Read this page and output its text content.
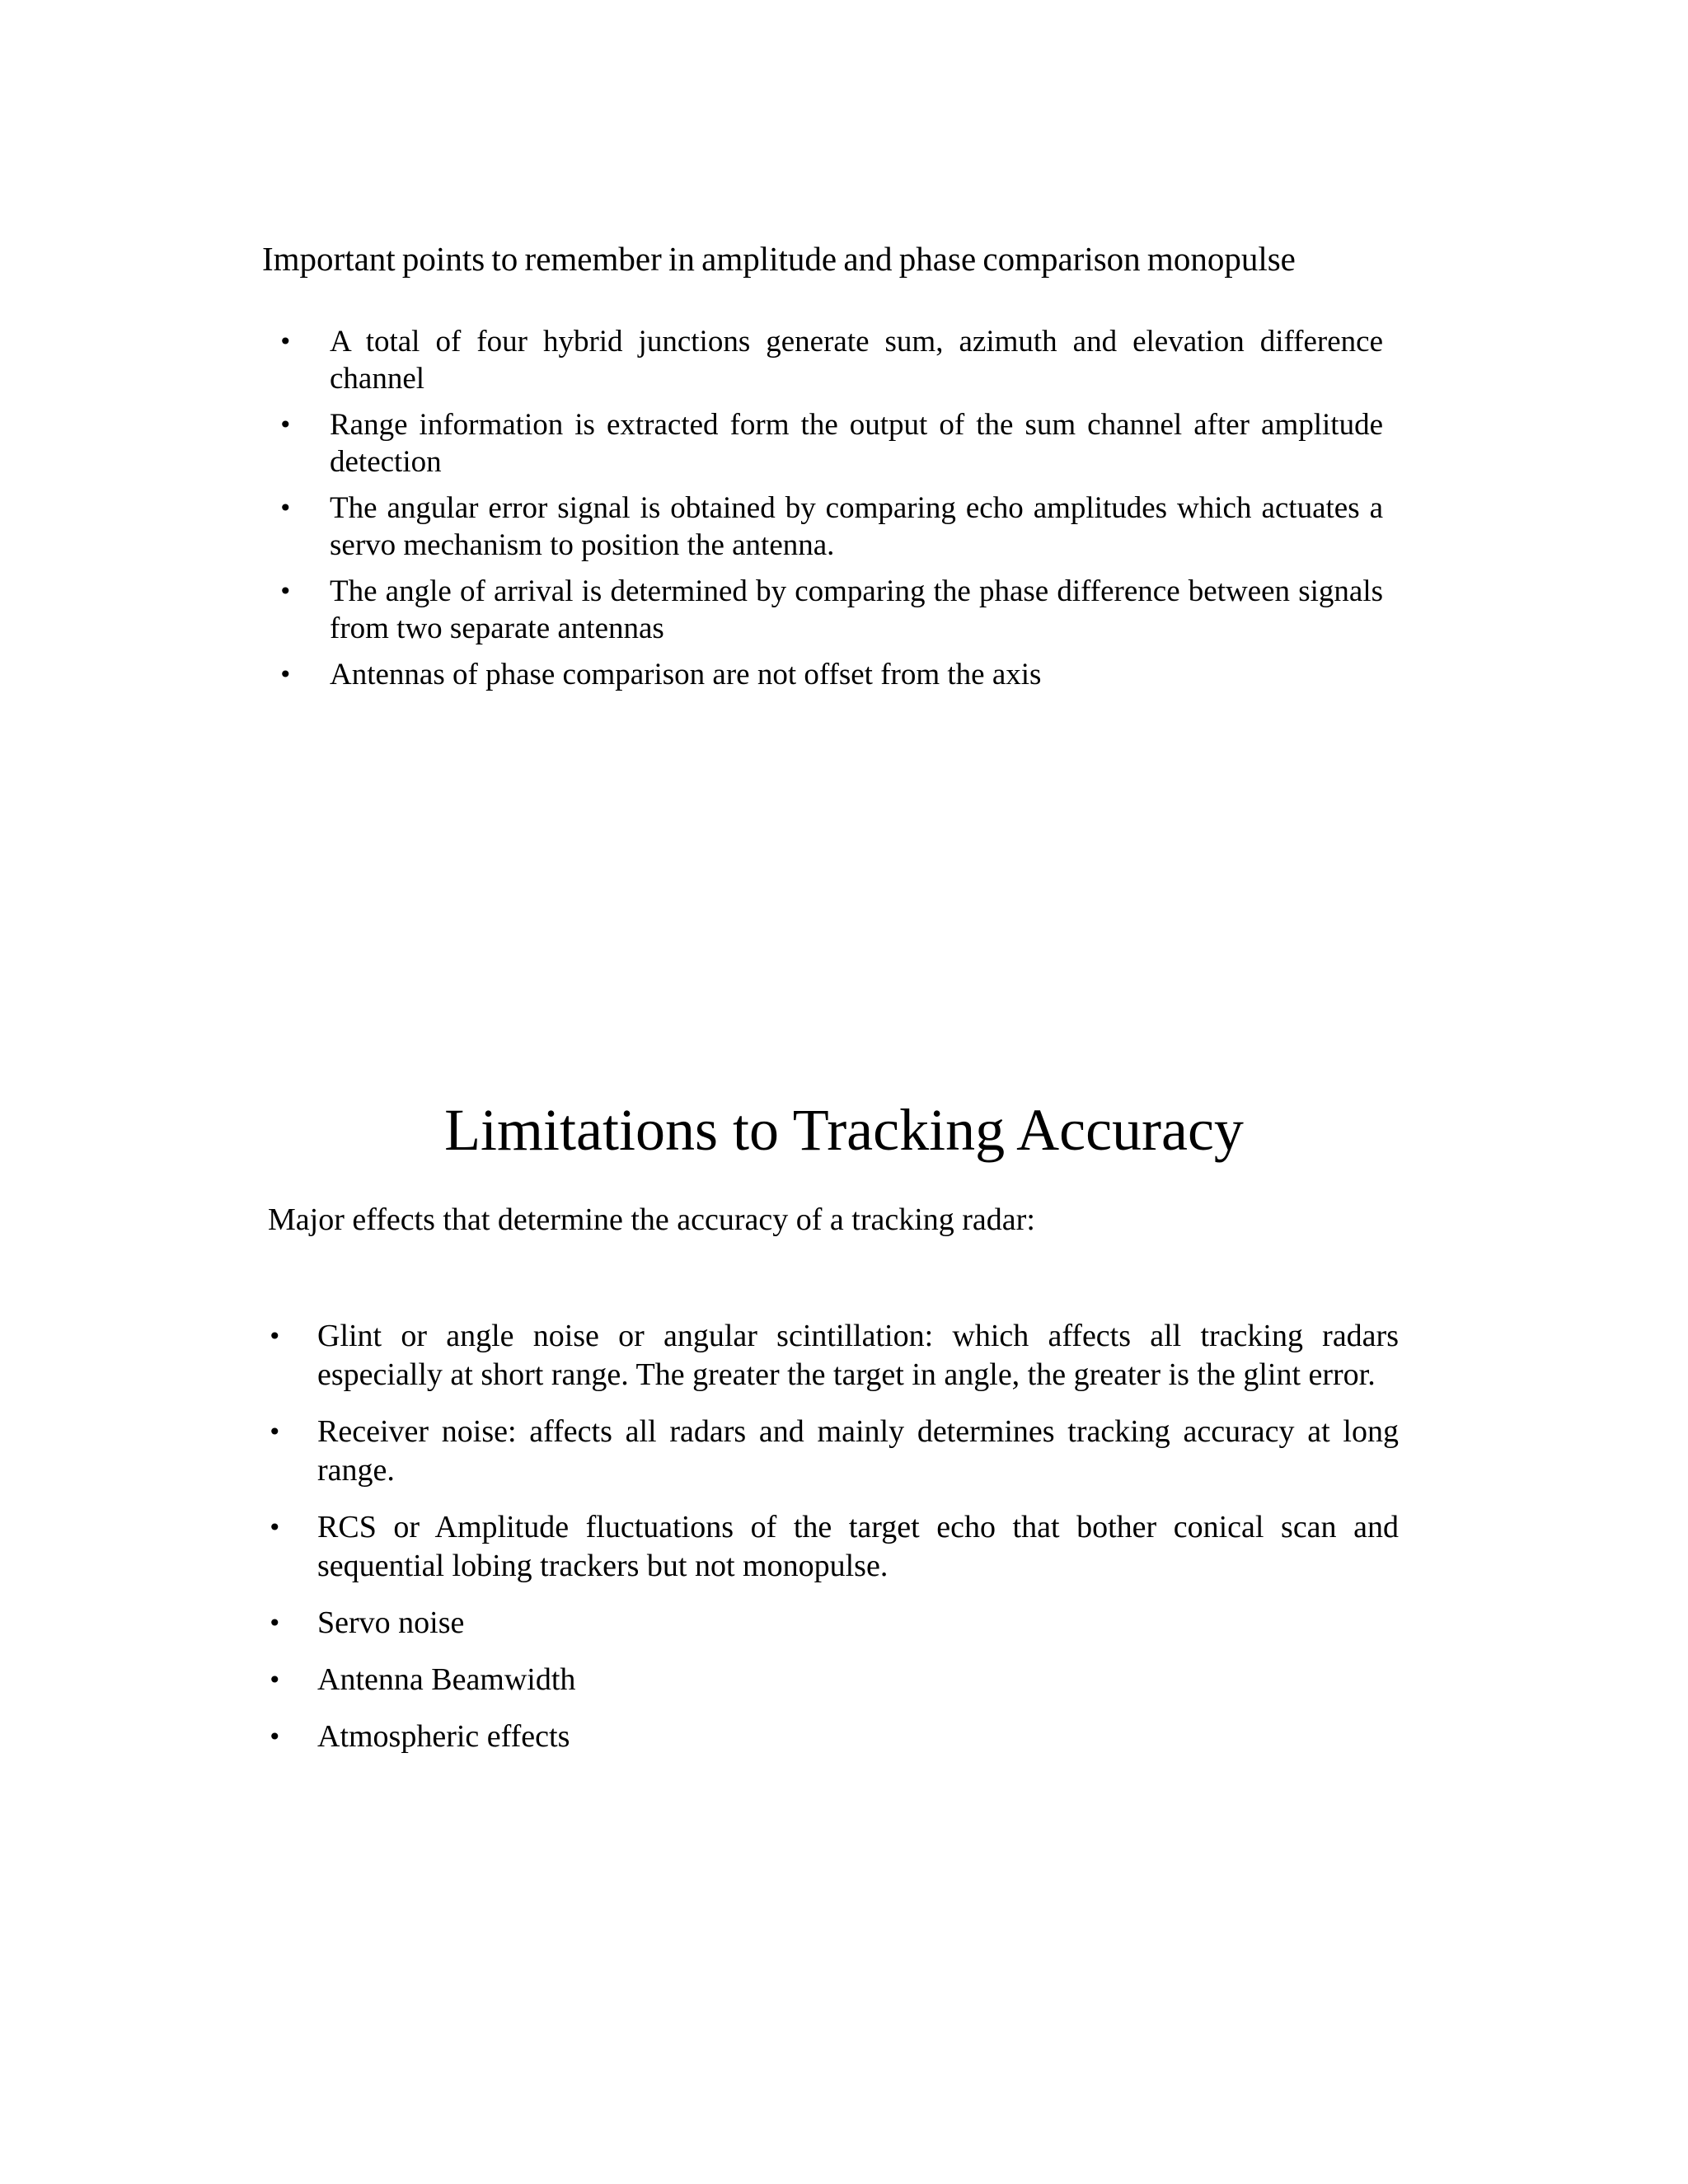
Important points to remember in amplitude and phase comparison monopulse
• A total of four hybrid junctions generate sum, azimuth and elevation difference channel
• Range information is extracted form the output of the sum channel after amplitude detection
• The angular error signal is obtained by comparing echo amplitudes which actuates a servo mechanism to position the antenna.
• The angle of arrival is determined by comparing the phase difference between signals from two separate antennas
• Antennas of phase comparison are not offset from the axis
Limitations to Tracking Accuracy
Major effects that determine the accuracy of a tracking radar:
• Glint or angle noise or angular scintillation: which affects all tracking radars especially at short range. The greater the target in angle, the greater is the glint error.
• Receiver noise: affects all radars and mainly determines tracking accuracy at long range.
• RCS or Amplitude fluctuations of the target echo that bother conical scan and sequential lobing trackers but not monopulse.
• Servo noise
• Antenna Beamwidth
• Atmospheric effects
